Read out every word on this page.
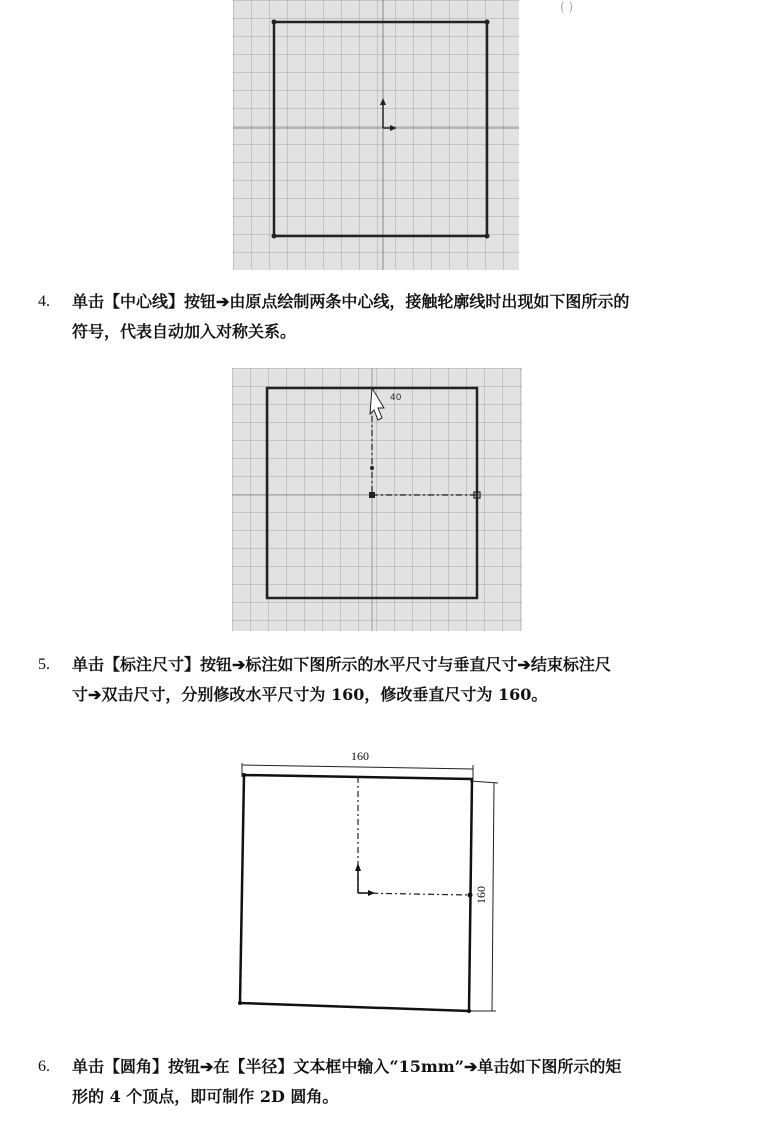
( )
4.	单击【中心线】按钮➔由原点绘制两条中心线，接触轮廓线时出现如下图所示的
符号，代表自动加入对称关系。
40
5.	单击【标注尺寸】按钮➔标注如下图所示的水平尺寸与垂直尺寸➔结束标注尺
寸➔双击尺寸，分别修改水平尺寸为 160，修改垂直尺寸为 160。
160
160
6.	单击【圆角】按钮➔在【半径】文本框中输入“15mm”➔单击如下图所示的矩
形的 4 个顶点，即可制作 2D 圆角。
